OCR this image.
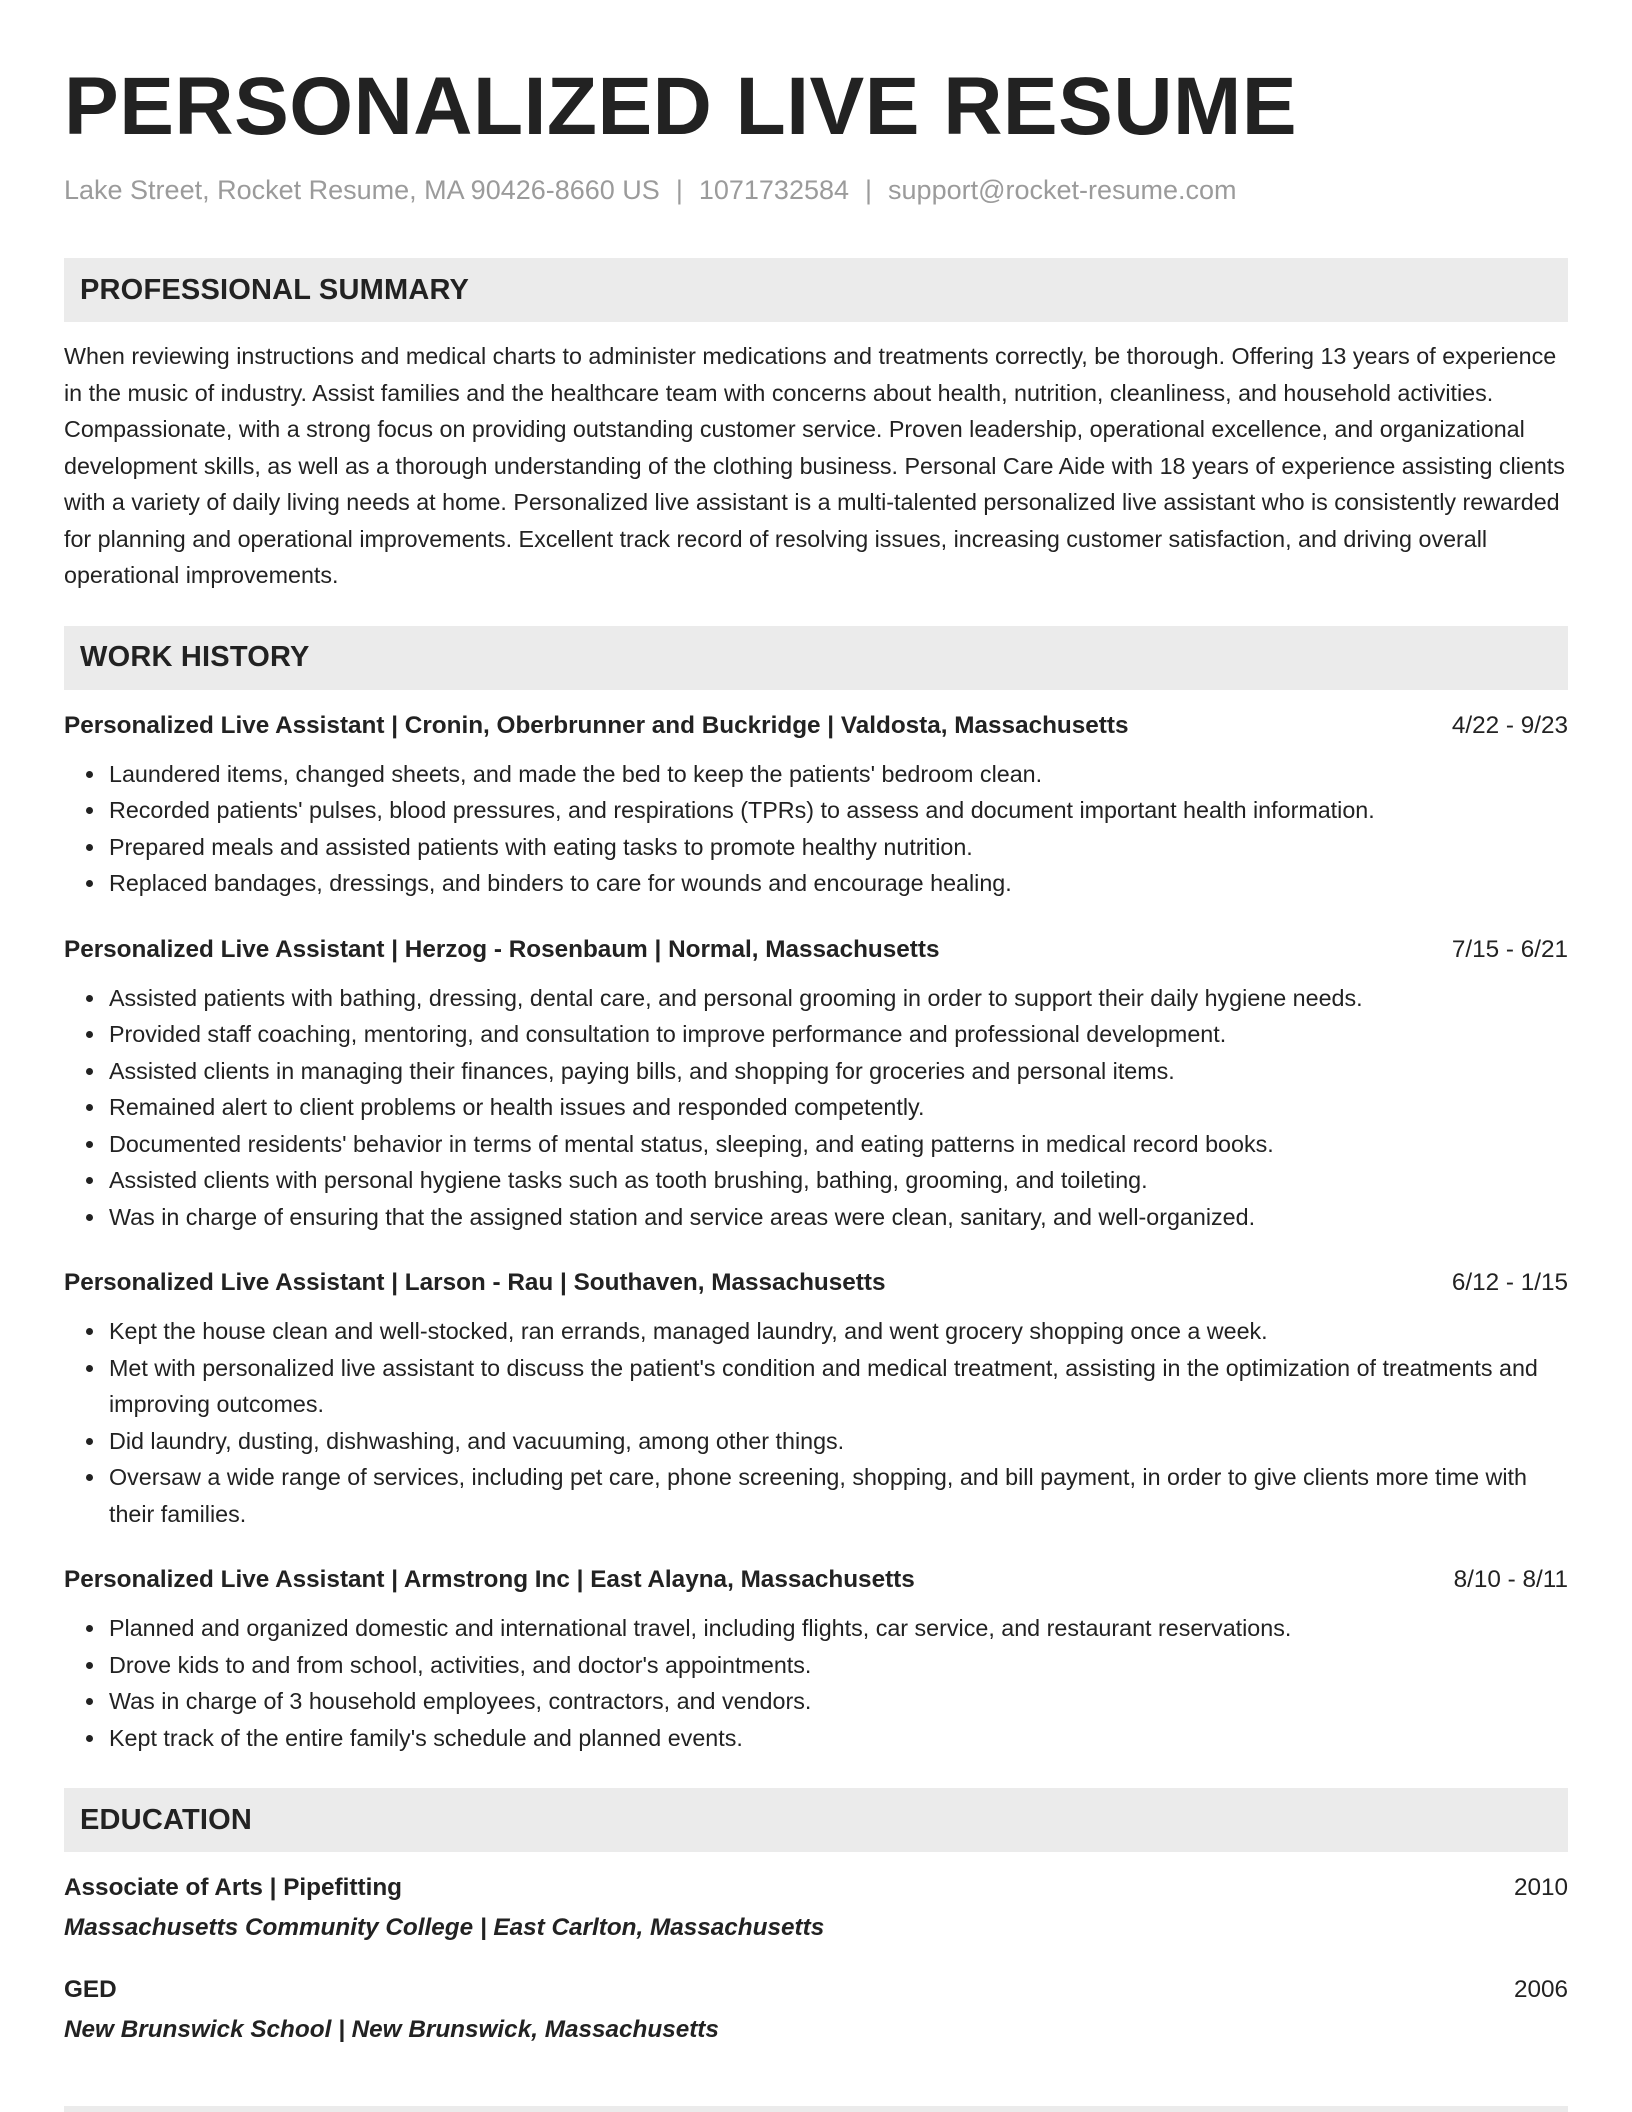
PERSONALIZED LIVE RESUME
Lake Street, Rocket Resume, MA 90426-8660 US | 1071732584 | support@rocket-resume.com
PROFESSIONAL SUMMARY
When reviewing instructions and medical charts to administer medications and treatments correctly, be thorough. Offering 13 years of experience in the music of industry. Assist families and the healthcare team with concerns about health, nutrition, cleanliness, and household activities. Compassionate, with a strong focus on providing outstanding customer service. Proven leadership, operational excellence, and organizational development skills, as well as a thorough understanding of the clothing business. Personal Care Aide with 18 years of experience assisting clients with a variety of daily living needs at home. Personalized live assistant is a multi-talented personalized live assistant who is consistently rewarded for planning and operational improvements. Excellent track record of resolving issues, increasing customer satisfaction, and driving overall operational improvements.
WORK HISTORY
Personalized Live Assistant | Cronin, Oberbrunner and Buckridge | Valdosta, Massachusetts	4/22 - 9/23
• Laundered items, changed sheets, and made the bed to keep the patients' bedroom clean.
• Recorded patients' pulses, blood pressures, and respirations (TPRs) to assess and document important health information.
• Prepared meals and assisted patients with eating tasks to promote healthy nutrition.
• Replaced bandages, dressings, and binders to care for wounds and encourage healing.
Personalized Live Assistant | Herzog - Rosenbaum | Normal, Massachusetts	7/15 - 6/21
• Assisted patients with bathing, dressing, dental care, and personal grooming in order to support their daily hygiene needs.
• Provided staff coaching, mentoring, and consultation to improve performance and professional development.
• Assisted clients in managing their finances, paying bills, and shopping for groceries and personal items.
• Remained alert to client problems or health issues and responded competently.
• Documented residents' behavior in terms of mental status, sleeping, and eating patterns in medical record books.
• Assisted clients with personal hygiene tasks such as tooth brushing, bathing, grooming, and toileting.
• Was in charge of ensuring that the assigned station and service areas were clean, sanitary, and well-organized.
Personalized Live Assistant | Larson - Rau | Southaven, Massachusetts	6/12 - 1/15
• Kept the house clean and well-stocked, ran errands, managed laundry, and went grocery shopping once a week.
• Met with personalized live assistant to discuss the patient's condition and medical treatment, assisting in the optimization of treatments and improving outcomes.
• Did laundry, dusting, dishwashing, and vacuuming, among other things.
• Oversaw a wide range of services, including pet care, phone screening, shopping, and bill payment, in order to give clients more time with their families.
Personalized Live Assistant | Armstrong Inc | East Alayna, Massachusetts	8/10 - 8/11
• Planned and organized domestic and international travel, including flights, car service, and restaurant reservations.
• Drove kids to and from school, activities, and doctor's appointments.
• Was in charge of 3 household employees, contractors, and vendors.
• Kept track of the entire family's schedule and planned events.
EDUCATION
Associate of Arts | Pipefitting	2010
Massachusetts Community College | East Carlton, Massachusetts
GED	2006
New Brunswick School | New Brunswick, Massachusetts
